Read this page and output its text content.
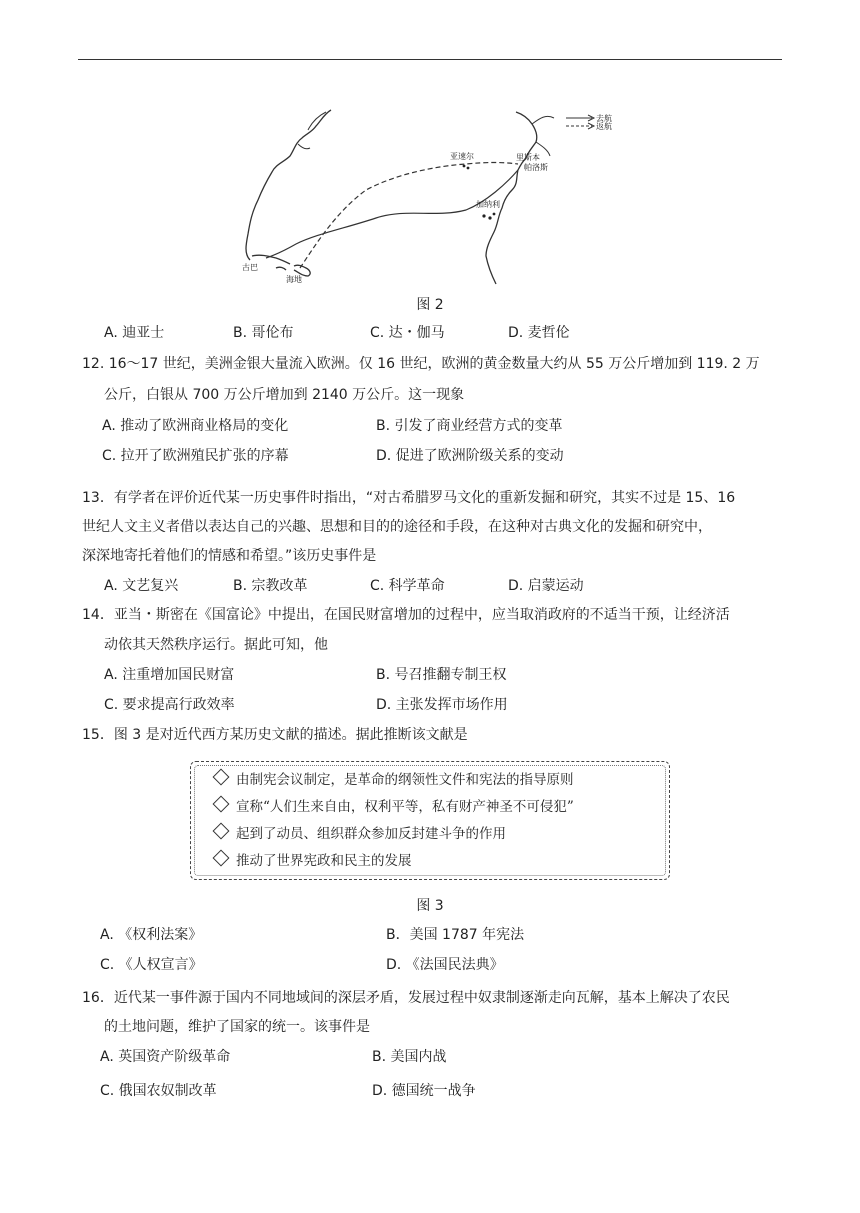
去航
返航
亚速尔	里斯本
帕洛斯
加纳利
古巴
海地
图 2
A. 迪亚士	B. 哥伦布	C. 达・伽马	D. 麦哲伦
12. 16～17 世纪，美洲金银大量流入欧洲。仅 16 世纪，欧洲的黄金数量大约从 55 万公斤增加到 119. 2 万
公斤，白银从 700 万公斤增加到 2140 万公斤。这一现象
A. 推动了欧洲商业格局的变化	B. 引发了商业经营方式的变革
C. 拉开了欧洲殖民扩张的序幕	D. 促进了欧洲阶级关系的变动
13．有学者在评价近代某一历史事件时指出，“对古希腊罗马文化的重新发掘和研究，其实不过是 15、16
世纪人文主义者借以表达自己的兴趣、思想和目的的途径和手段，在这种对古典文化的发掘和研究中，
深深地寄托着他们的情感和希望。”该历史事件是
A. 文艺复兴	B. 宗教改革	C. 科学革命	D. 启蒙运动
14．亚当・斯密在《国富论》中提出，在国民财富增加的过程中，应当取消政府的不适当干预，让经济活
动依其天然秩序运行。据此可知，他
A. 注重增加国民财富	B. 号召推翻专制王权
C. 要求提高行政效率	D. 主张发挥市场作用
15．图 3 是对近代西方某历史文献的描述。据此推断该文献是
由制宪会议制定，是革命的纲领性文件和宪法的指导原则
宣称“人们生来自由，权利平等，私有财产神圣不可侵犯”
起到了动员、组织群众参加反封建斗争的作用
推动了世界宪政和民主的发展
图 3
A. 《权利法案》	B．美国 1787 年宪法
C. 《人权宣言》	D. 《法国民法典》
16．近代某一事件源于国内不同地域间的深层矛盾，发展过程中奴隶制逐渐走向瓦解，基本上解决了农民
的土地问题，维护了国家的统一。该事件是
A. 英国资产阶级革命	B. 美国内战
C. 俄国农奴制改革	D. 德国统一战争
